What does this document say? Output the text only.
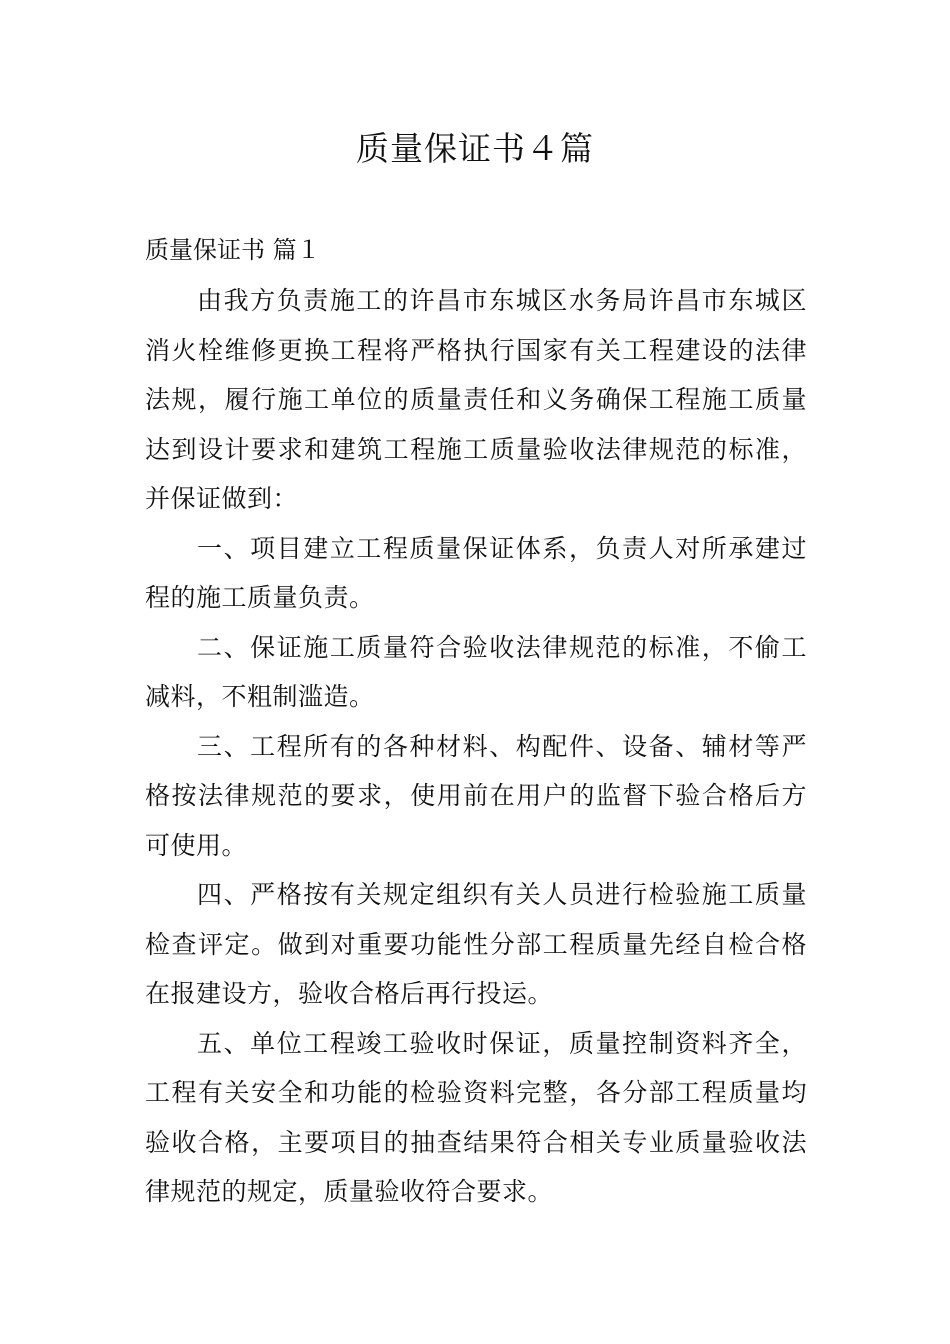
质量保证书４篇
质量保证书 篇１

由我方负责施工的许昌市东城区水务局许昌市东城区消火栓维修更换工程将严格执行国家有关工程建设的法律法规，履行施工单位的质量责任和义务确保工程施工质量达到设计要求和建筑工程施工质量验收法律规范的标准，并保证做到：

一、项目建立工程质量保证体系，负责人对所承建过程的施工质量负责。

二、保证施工质量符合验收法律规范的标准，不偷工减料，不粗制滥造。

三、工程所有的各种材料、构配件、设备、辅材等严格按法律规范的要求，使用前在用户的监督下验合格后方可使用。

四、严格按有关规定组织有关人员进行检验施工质量检查评定。做到对重要功能性分部工程质量先经自检合格在报建设方，验收合格后再行投运。

五、单位工程竣工验收时保证，质量控制资料齐全，工程有关安全和功能的检验资料完整，各分部工程质量均验收合格，主要项目的抽查结果符合相关专业质量验收法律规范的规定，质量验收符合要求。
